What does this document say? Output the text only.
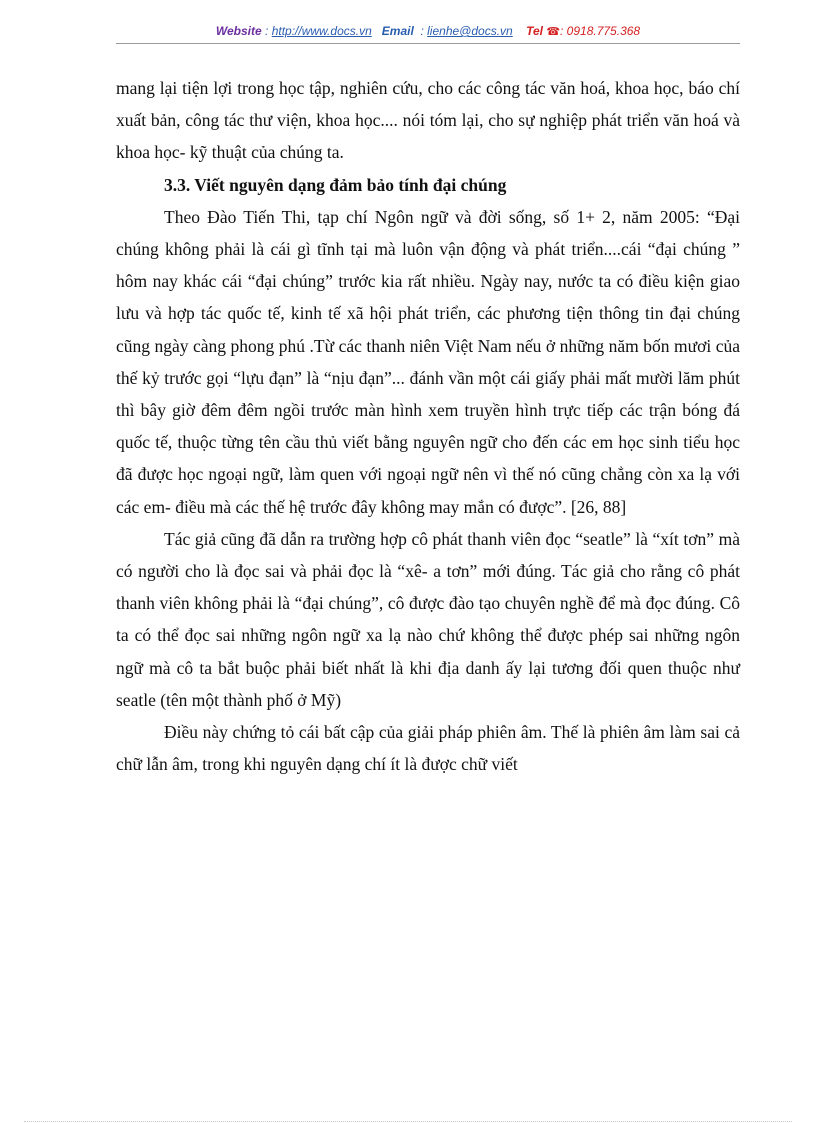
Website : http://www.docs.vn Email  : lienhe@docs.vn Tel ☎: 0918.775.368

mang lại tiện lợi trong học tập, nghiên cứu, cho các công tác văn hoá, khoa học, báo chí xuất bản, công tác thư viện, khoa học.... nói tóm lại, cho sự nghiệp phát triển văn hoá và khoa học- kỹ thuật của chúng ta.

3.3. Viết nguyên dạng đảm bảo tính đại chúng

Theo Đào Tiến Thi, tạp chí Ngôn ngữ và đời sống, số 1+ 2, năm 2005: “Đại chúng không phải là cái gì tĩnh tại mà luôn vận động và phát triển....cái “đại chúng ” hôm nay khác cái “đại chúng” trước kia rất nhiều. Ngày nay, nước ta có điều kiện giao lưu và hợp tác quốc tế, kinh tế xã hội phát triển, các phương tiện thông tin đại chúng cũng ngày càng phong phú .Từ các thanh niên Việt Nam nếu ở những năm bốn mươi của thế kỷ trước gọi “lựu đạn” là “nịu đạn”... đánh vần một cái giấy phải mất mười lăm phút thì bây giờ đêm đêm ngồi trước màn hình xem truyền hình trực tiếp các trận bóng đá quốc tế, thuộc từng tên cầu thủ viết bằng nguyên ngữ cho đến các em học sinh tiểu học đã được học ngoại ngữ, làm quen với ngoại ngữ nên vì thế nó cũng chẳng còn xa lạ với các em- điều mà các thế hệ trước đây không may mắn có được”. [26, 88]

Tác giả cũng đã dẫn ra trường hợp cô phát thanh viên đọc “seatle” là “xít tơn” mà có người cho là đọc sai và phải đọc là “xê- a tơn” mới đúng. Tác giả cho rằng cô phát thanh viên không phải là “đại chúng”, cô được đào tạo chuyên nghề để mà đọc đúng. Cô ta có thể đọc sai những ngôn ngữ xa lạ nào chứ không thể được phép sai những ngôn ngữ mà cô ta bắt buộc phải biết nhất là khi địa danh ấy lại tương đối quen thuộc như seatle (tên một thành phố ở Mỹ)

Điều này chứng tỏ cái bất cập của giải pháp phiên âm. Thế là phiên âm làm sai cả chữ lẫn âm, trong khi nguyên dạng chí ít là được chữ viết
